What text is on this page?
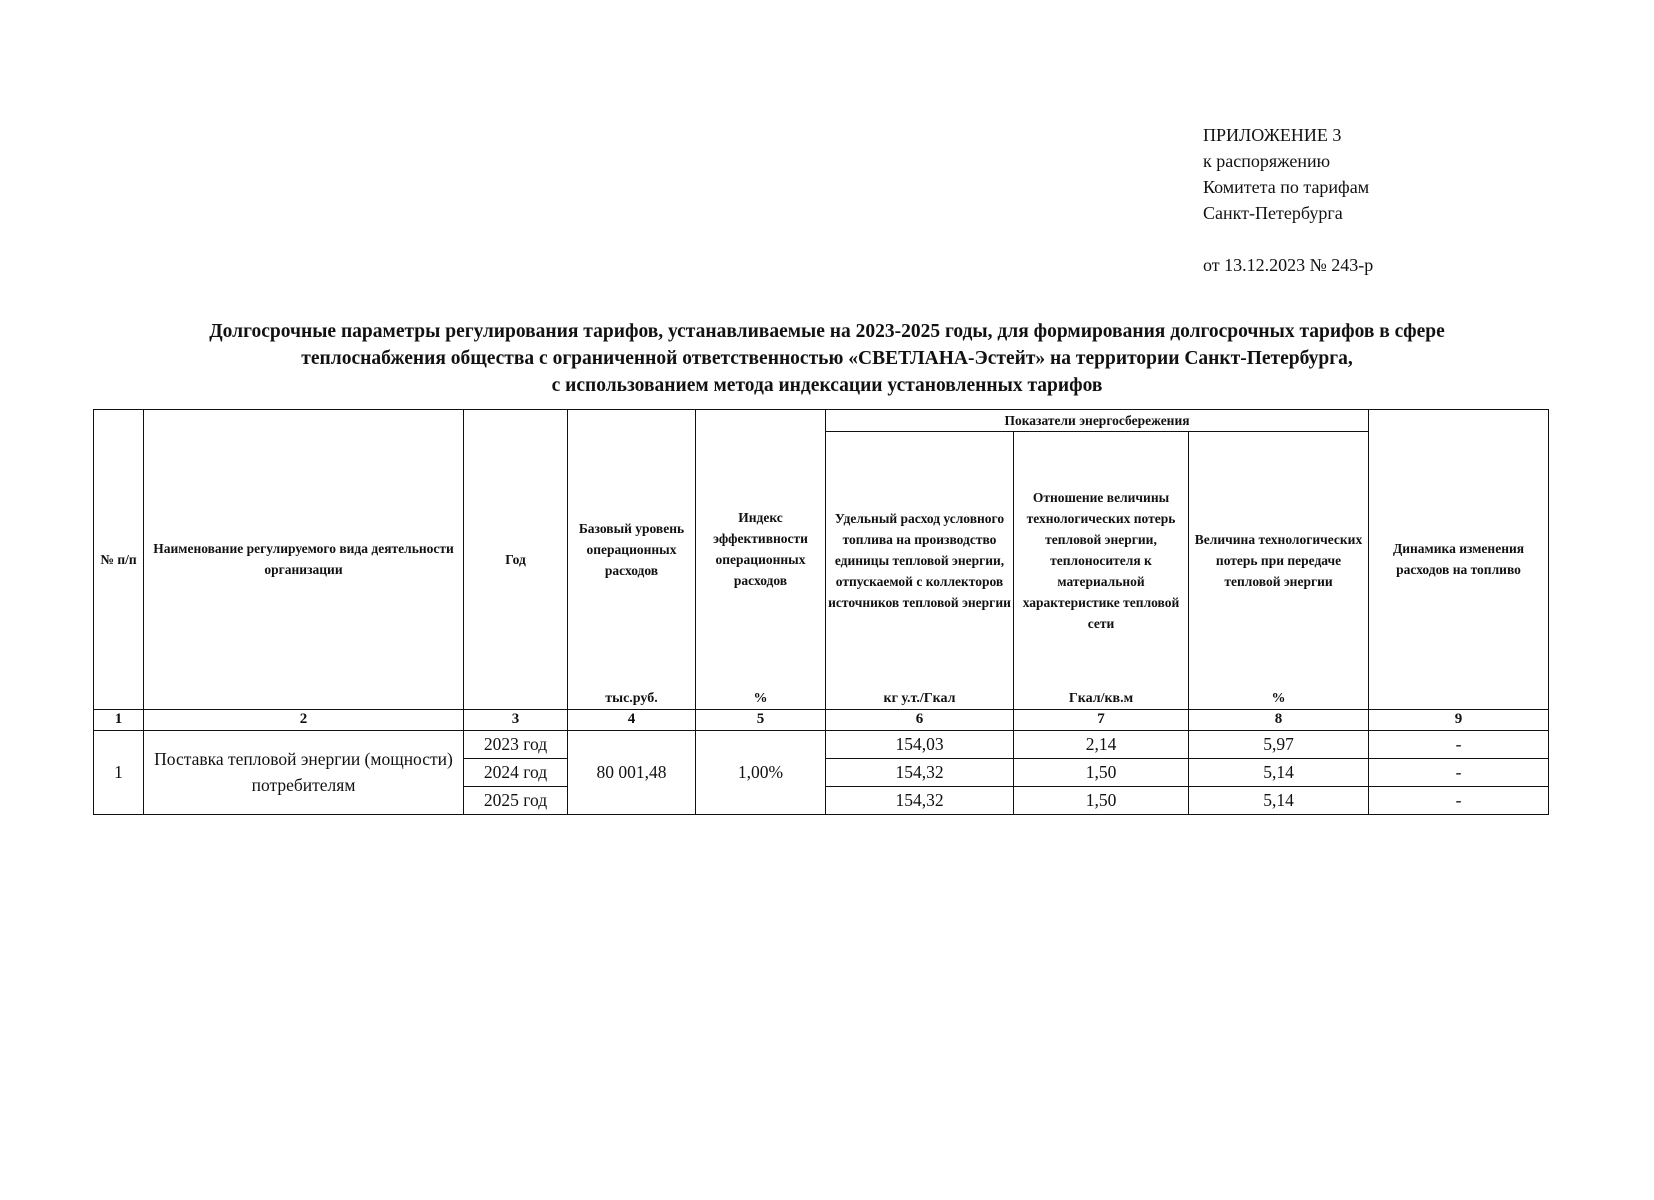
ПРИЛОЖЕНИЕ 3
к распоряжению
Комитета по тарифам
Санкт-Петербурга
от 13.12.2023 № 243-р
Долгосрочные параметры регулирования тарифов, устанавливаемые на 2023-2025 годы, для формирования долгосрочных тарифов в сфере
теплоснабжения общества с ограниченной ответственностью «СВЕТЛАНА-Эстейт» на территории Санкт-Петербурга,
с использованием метода индексации установленных тарифов
№ п/п	Наименование регулируемого вида деятельности организации	Год	Базовый уровень операционных расходов	Индекс эффективности операционных расходов	Показатели энергосбережения			Динамика изменения расходов на топливо
					Удельный расход условного топлива на производство единицы тепловой энергии, отпускаемой с коллекторов источников тепловой энергии	Отношение величины технологических потерь тепловой энергии, теплоносителя к материальной характеристике тепловой сети	Величина технологических потерь при передаче тепловой энергии	
			тыс.руб.	%	кг у.т./Гкал	Гкал/кв.м	%	
1	2	3	4	5	6	7	8	9
1	Поставка тепловой энергии (мощности) потребителям	2023 год	80 001,48	1,00%	154,03	2,14	5,97	-
		2024 год			154,32	1,50	5,14	-
		2025 год			154,32	1,50	5,14	-
